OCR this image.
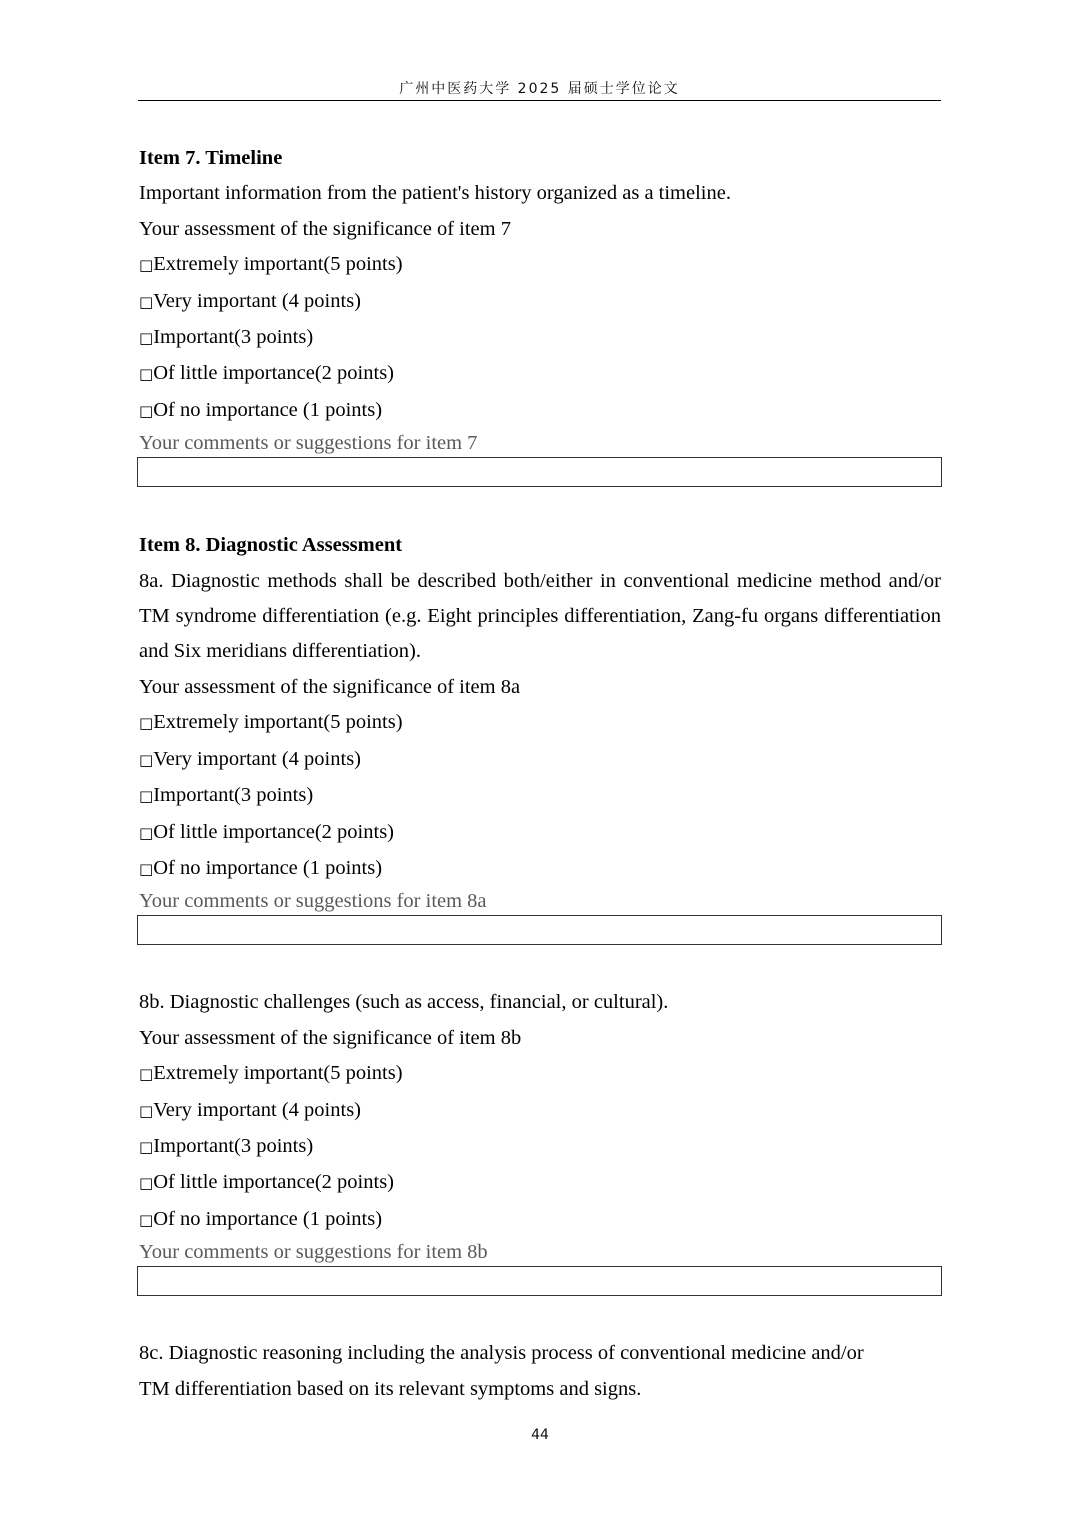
广州中医药大学 2025 届硕士学位论文

Item 7. Timeline

Important information from the patient's history organized as a timeline.

Your assessment of the significance of item 7

□Extremely important(5 points)

□Very important (4 points)

□Important(3 points)

□Of little importance(2 points)

□Of no importance (1 points)

Your comments or suggestions for item 7

Item 8. Diagnostic Assessment

8a. Diagnostic methods shall be described both/either in conventional medicine method and/or TM syndrome differentiation (e.g. Eight principles differentiation, Zang-fu organs differentiation and Six meridians differentiation).

Your assessment of the significance of item 8a

□Extremely important(5 points)

□Very important (4 points)

□Important(3 points)

□Of little importance(2 points)

□Of no importance (1 points)

Your comments or suggestions for item 8a

8b. Diagnostic challenges (such as access, financial, or cultural).

Your assessment of the significance of item 8b

□Extremely important(5 points)

□Very important (4 points)

□Important(3 points)

□Of little importance(2 points)

□Of no importance (1 points)

Your comments or suggestions for item 8b

8c. Diagnostic reasoning including the analysis process of conventional medicine and/or

TM differentiation based on its relevant symptoms and signs.

44
